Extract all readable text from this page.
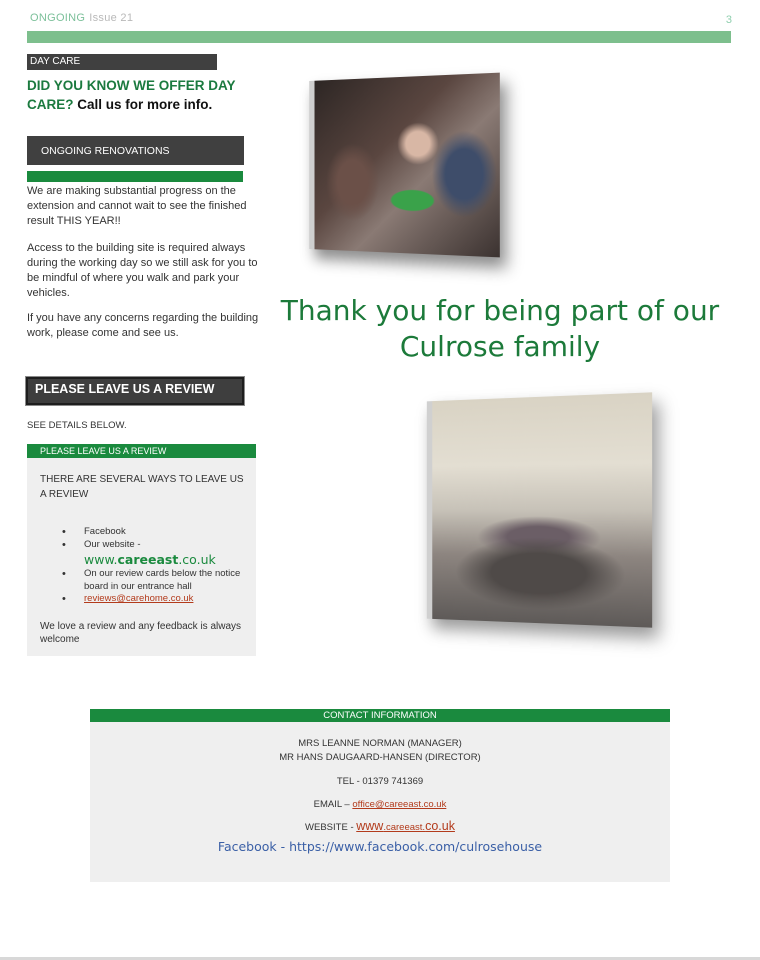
ONGOING Issue 21	3
DAY CARE
DID YOU KNOW WE OFFER DAY CARE? Call us for more info.
ONGOING RENOVATIONS
We are making substantial progress on the extension and cannot wait to see the finished result THIS YEAR!!
Access to the building site is required always during the working day so we still ask for you to be mindful of where you walk and park your vehicles.
If you have any concerns regarding the building work, please come and see us.
PLEASE LEAVE US A REVIEW
SEE DETAILS BELOW.
PLEASE LEAVE US A REVIEW
THERE ARE SEVERAL WAYS TO LEAVE US A REVIEW
• Facebook
• Our website -
www.careeast.co.uk
• On our review cards below the notice board in our entrance hall
• reviews@carehome.co.uk
We love a review and any feedback is always welcome
Thank you for being part of our Culrose family
CONTACT INFORMATION
MRS LEANNE NORMAN (MANAGER)
MR HANS DAUGAARD-HANSEN (DIRECTOR)
TEL - 01379 741369
EMAIL – office@careeast.co.uk
WEBSITE - www.careeast.co.uk
Facebook - https://www.facebook.com/culrosehouse
